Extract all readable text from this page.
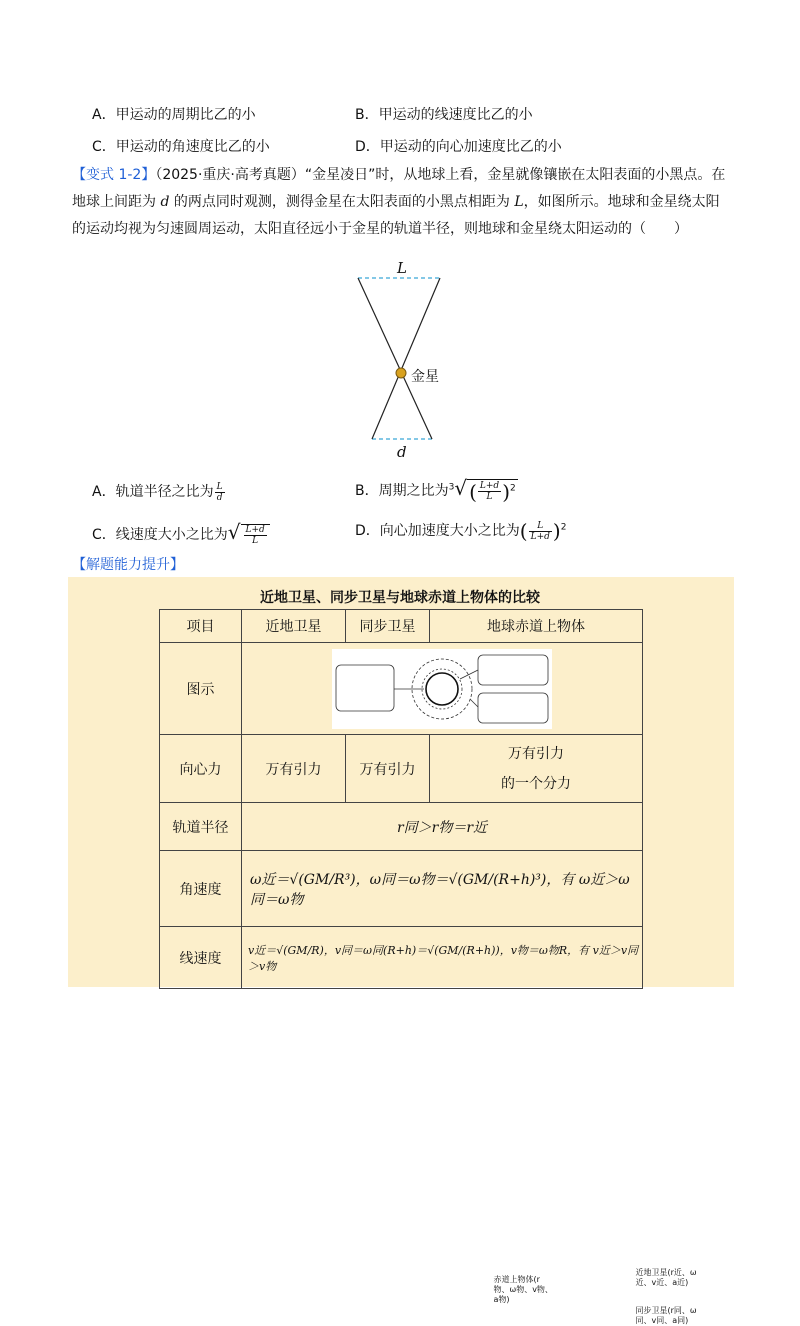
A．甲运动的周期比乙的小	B．甲运动的线速度比乙的小
C．甲运动的角速度比乙的小	D．甲运动的向心加速度比乙的小
【变式 1-2】（2025·重庆·高考真题）“金星凌日”时，从地球上看，金星就像镶嵌在太阳表面的小黑点。在
地球上间距为 d 的两点同时观测，测得金星在太阳表面的小黑点相距为 L，如图所示。地球和金星绕太阳
的运动均视为匀速圆周运动，太阳直径远小于金星的轨道半径，则地球和金星绕太阳运动的（　　）
L
金星
d
A．轨道半径之比为 $\frac{L}{d}$	B．周期之比为$^3$√ ( $\frac{L+d}{L} )^2$
C．线速度大小之比为√ $\frac{L+d}{L}$	D．向心加速度大小之比为( $\frac{L}{L+d} )^2$
【解题能力提升】
近地卫星、同步卫星与地球赤道上物体的比较
项目	近地卫星	同步卫星	地球赤道上物体
图示	赤道上物体(r物、ω物、v物、a物)
近地卫星(r近、ω近、v近、a近)
同步卫星(r同、ω同、v同、a同)		

向心力	万有引力	万有引力	万有引力
的一个分力

轨道半径	r同＞r物＝r近		
角速度	ω近＝√(GM/R³)，ω同＝ω物＝√(GM/(R+h)³)，有 ω近＞ω同＝ω物		
线速度	v近＝√(GM/R)，v同＝ω同(R+h)＝√(GM/(R+h))，v物＝ω物R，有 v近＞v同＞v物		
